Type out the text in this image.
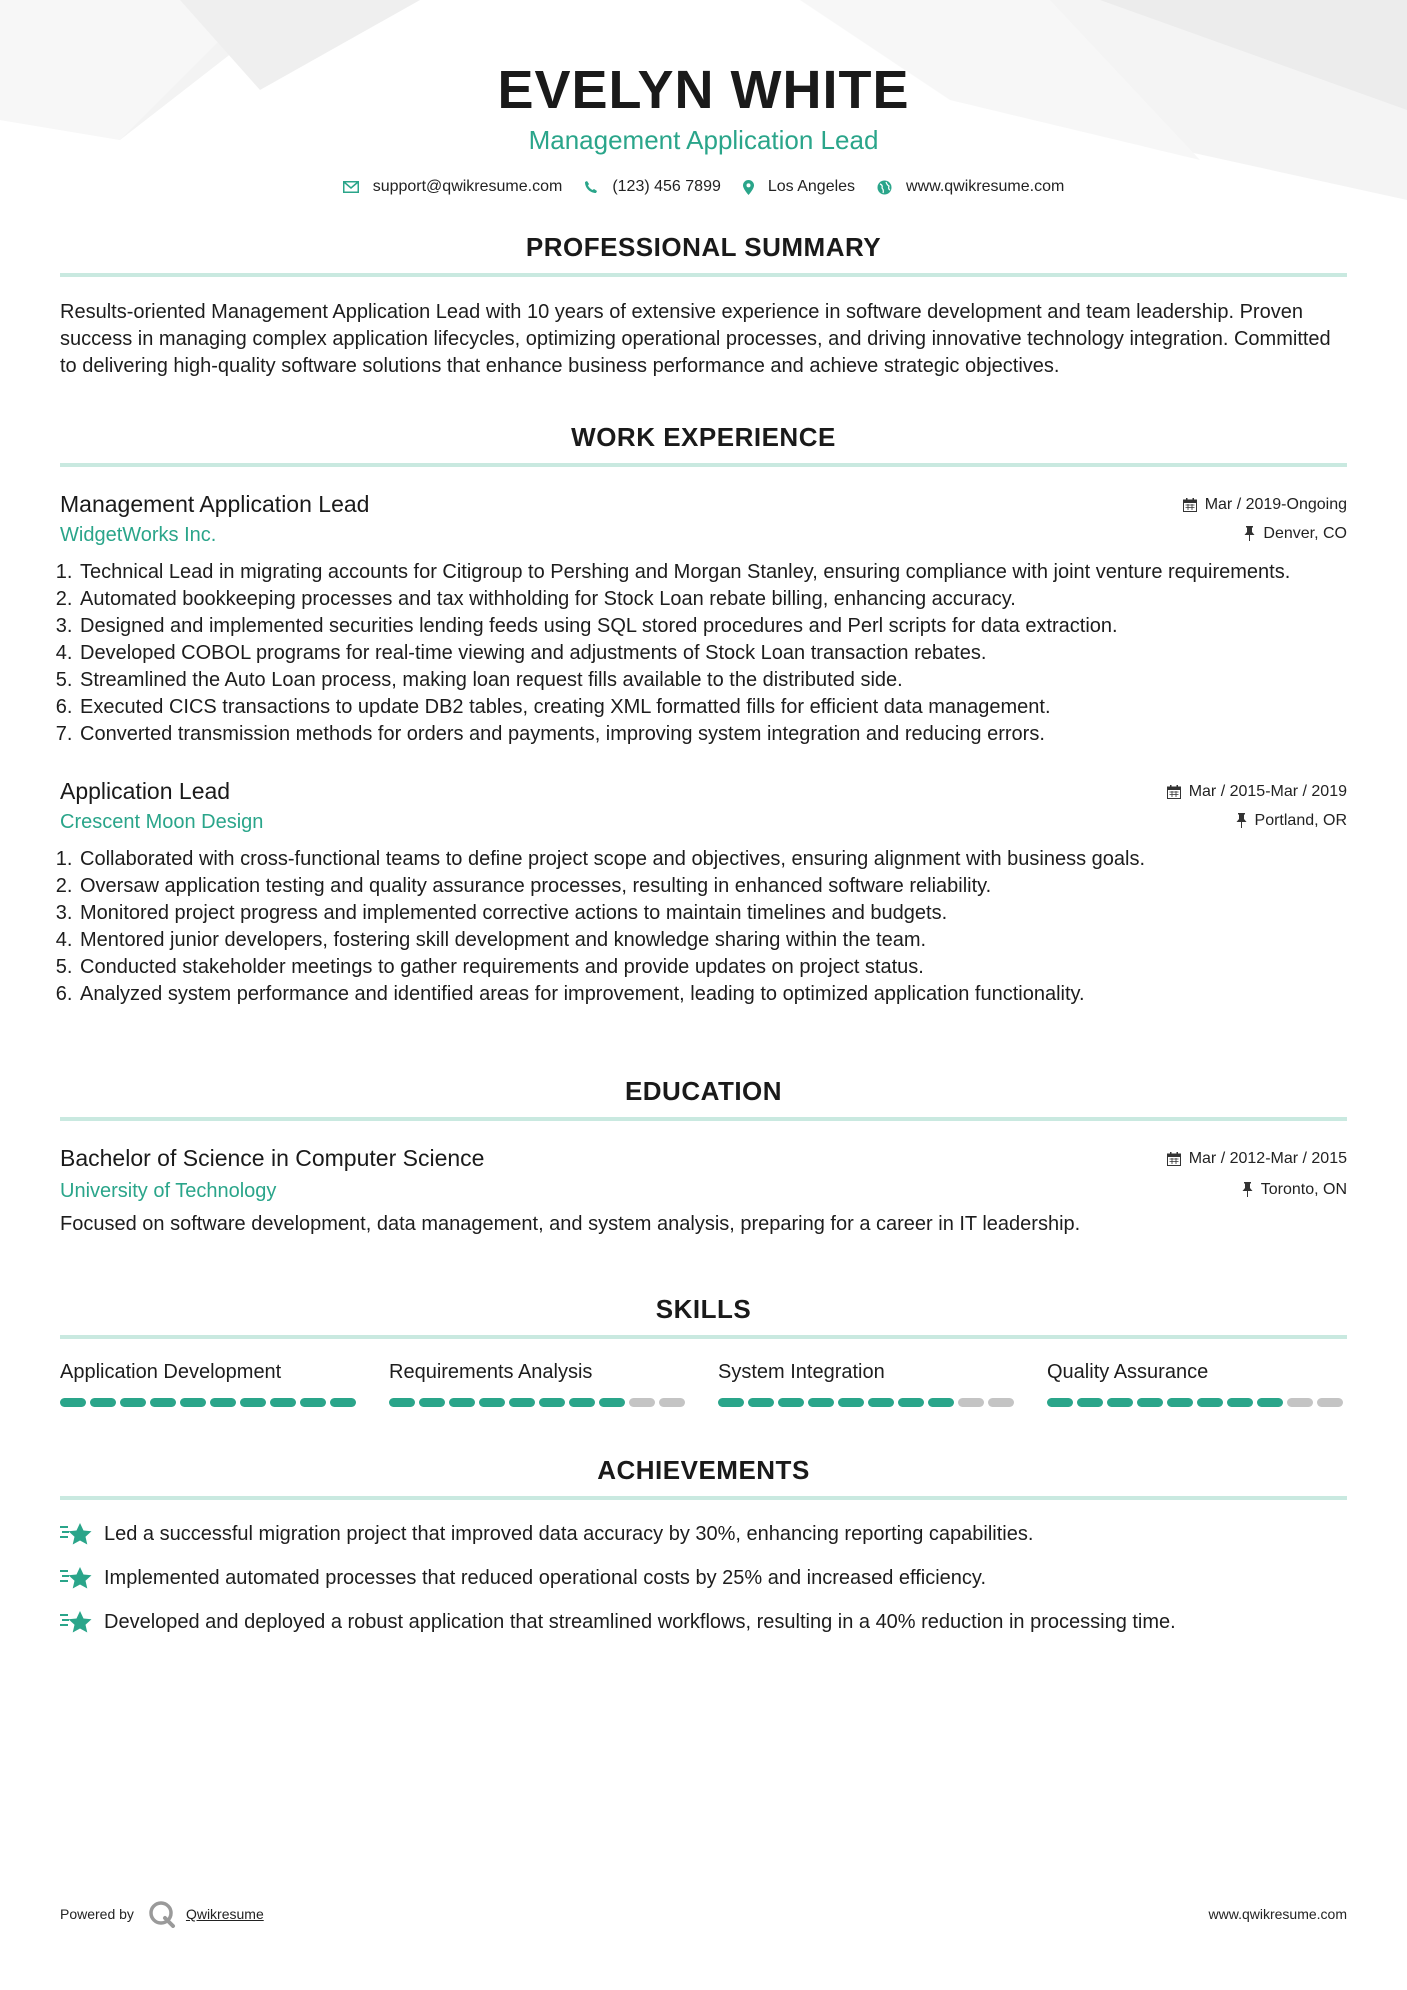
EVELYN WHITE
Management Application Lead
support@qwikresume.com	(123) 456 7899	Los Angeles	www.qwikresume.com
PROFESSIONAL SUMMARY
Results-oriented Management Application Lead with 10 years of extensive experience in software development and team leadership. Proven success in managing complex application lifecycles, optimizing operational processes, and driving innovative technology integration. Committed to delivering high-quality software solutions that enhance business performance and achieve strategic objectives.
WORK EXPERIENCE
Management Application Lead	Mar / 2019-Ongoing
WidgetWorks Inc.	Denver, CO
1. Technical Lead in migrating accounts for Citigroup to Pershing and Morgan Stanley, ensuring compliance with joint venture requirements.
2. Automated bookkeeping processes and tax withholding for Stock Loan rebate billing, enhancing accuracy.
3. Designed and implemented securities lending feeds using SQL stored procedures and Perl scripts for data extraction.
4. Developed COBOL programs for real-time viewing and adjustments of Stock Loan transaction rebates.
5. Streamlined the Auto Loan process, making loan request fills available to the distributed side.
6. Executed CICS transactions to update DB2 tables, creating XML formatted fills for efficient data management.
7. Converted transmission methods for orders and payments, improving system integration and reducing errors.
Application Lead	Mar / 2015-Mar / 2019
Crescent Moon Design	Portland, OR
1. Collaborated with cross-functional teams to define project scope and objectives, ensuring alignment with business goals.
2. Oversaw application testing and quality assurance processes, resulting in enhanced software reliability.
3. Monitored project progress and implemented corrective actions to maintain timelines and budgets.
4. Mentored junior developers, fostering skill development and knowledge sharing within the team.
5. Conducted stakeholder meetings to gather requirements and provide updates on project status.
6. Analyzed system performance and identified areas for improvement, leading to optimized application functionality.
EDUCATION
Bachelor of Science in Computer Science	Mar / 2012-Mar / 2015
University of Technology	Toronto, ON
Focused on software development, data management, and system analysis, preparing for a career in IT leadership.
SKILLS
Application Development	Requirements Analysis	System Integration	Quality Assurance
ACHIEVEMENTS
Led a successful migration project that improved data accuracy by 30%, enhancing reporting capabilities.
Implemented automated processes that reduced operational costs by 25% and increased efficiency.
Developed and deployed a robust application that streamlined workflows, resulting in a 40% reduction in processing time.
Powered by	Qwikresume	www.qwikresume.com
